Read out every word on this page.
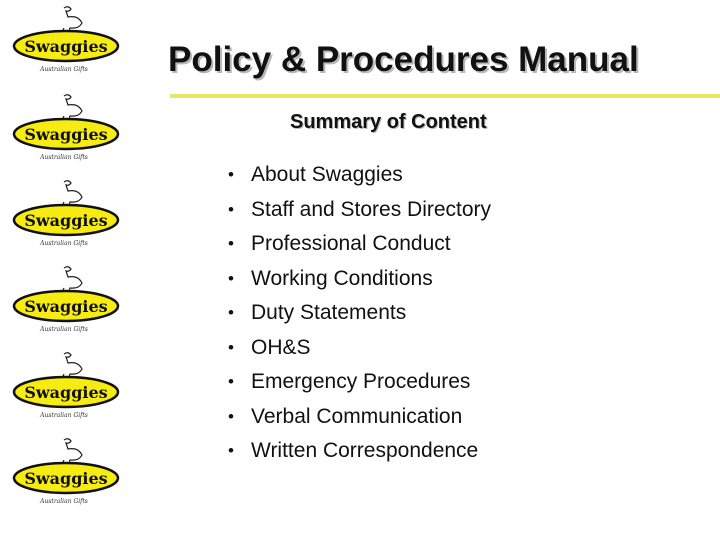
Swaggies
Australian Gifts
Swaggies
Australian Gifts
Swaggies
Australian Gifts
Swaggies
Australian Gifts
Swaggies
Australian Gifts
Swaggies
Australian Gifts
Policy & Procedures Manual
Summary of Content
• About Swaggies
• Staff and Stores Directory
• Professional Conduct
• Working Conditions
• Duty Statements
• OH&S
• Emergency Procedures
• Verbal Communication
• Written Correspondence
